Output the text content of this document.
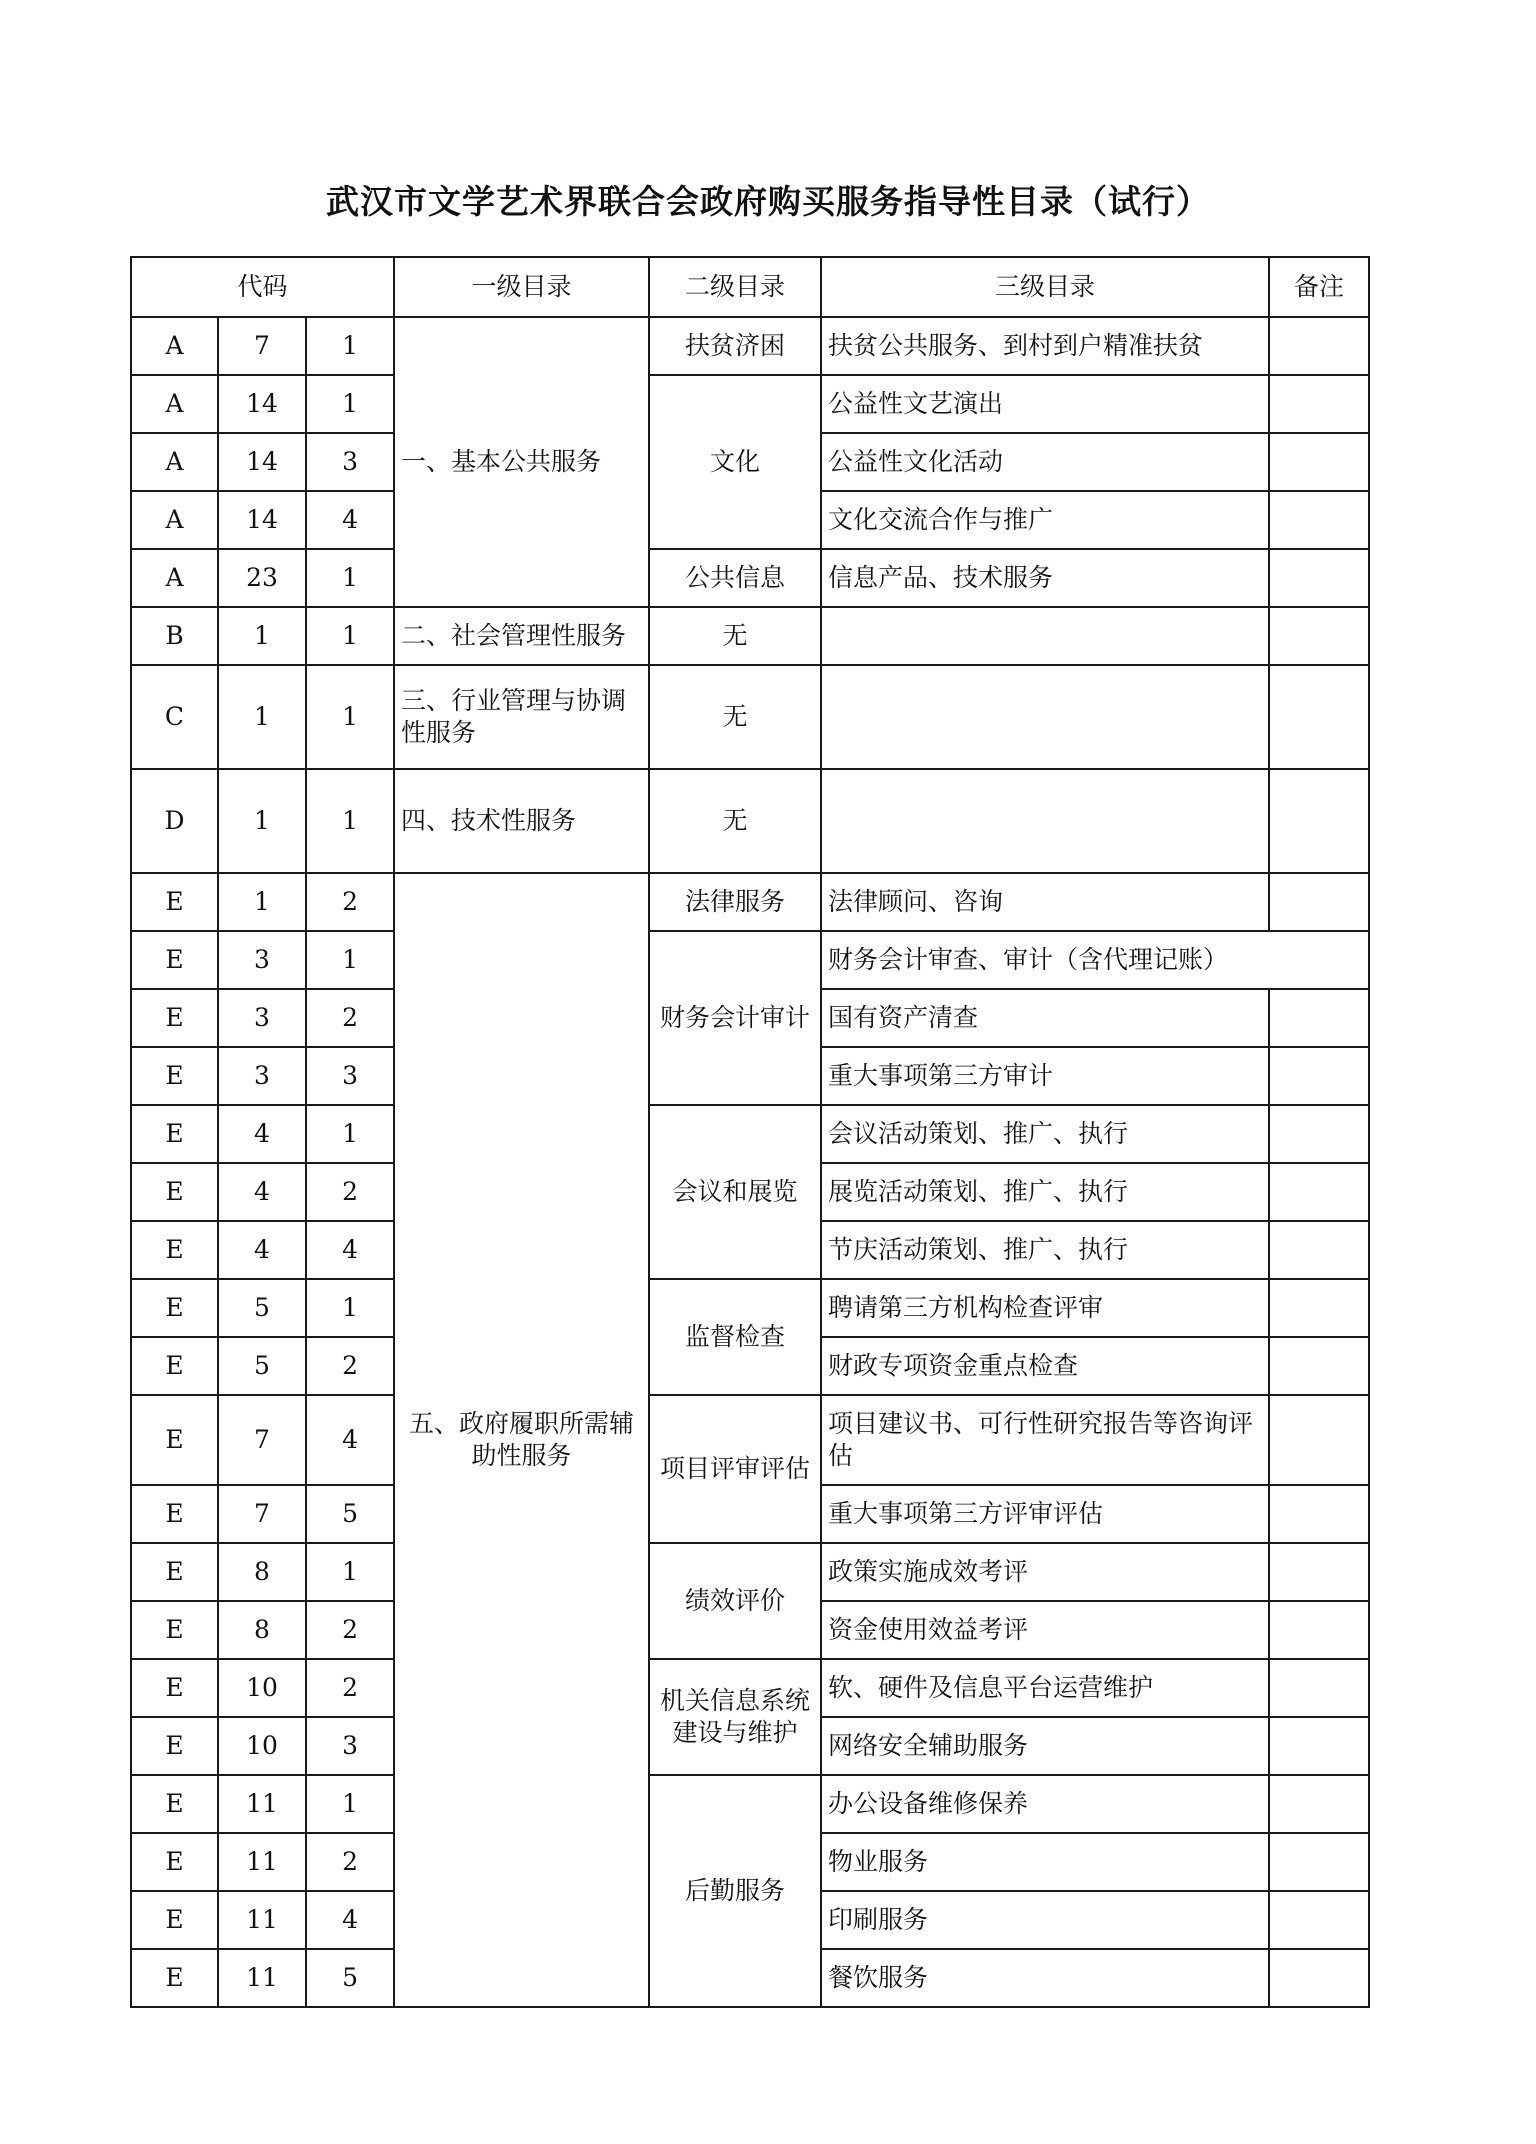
武汉市文学艺术界联合会政府购买服务指导性目录（试行）
代码			一级目录	二级目录	三级目录	备注
A	7	1	一、基本公共服务	扶贫济困	扶贫公共服务、到村到户精准扶贫	
A	14	1		文化	公益性文艺演出	
A	14	3			公益性文化活动	
A	14	4			文化交流合作与推广	
A	23	1		公共信息	信息产品、技术服务	
B	1	1	二、社会管理性服务	无		
C	1	1	三、行业管理与协调性服务	无		
D	1	1	四、技术性服务	无		
E	1	2	五、政府履职所需辅助性服务	法律服务	法律顾问、咨询	
E	3	1		财务会计审计	财务会计审查、审计（含代理记账）	
E	3	2			国有资产清查	
E	3	3			重大事项第三方审计	
E	4	1		会议和展览	会议活动策划、推广、执行	
E	4	2			展览活动策划、推广、执行	
E	4	4			节庆活动策划、推广、执行	
E	5	1		监督检查	聘请第三方机构检查评审	
E	5	2			财政专项资金重点检查	
E	7	4		项目评审评估	项目建议书、可行性研究报告等咨询评估	
E	7	5			重大事项第三方评审评估	
E	8	1		绩效评价	政策实施成效考评	
E	8	2			资金使用效益考评	
E	10	2		机关信息系统建设与维护	软、硬件及信息平台运营维护	
E	10	3			网络安全辅助服务	
E	11	1		后勤服务	办公设备维修保养	
E	11	2			物业服务	
E	11	4			印刷服务	
E	11	5			餐饮服务	
